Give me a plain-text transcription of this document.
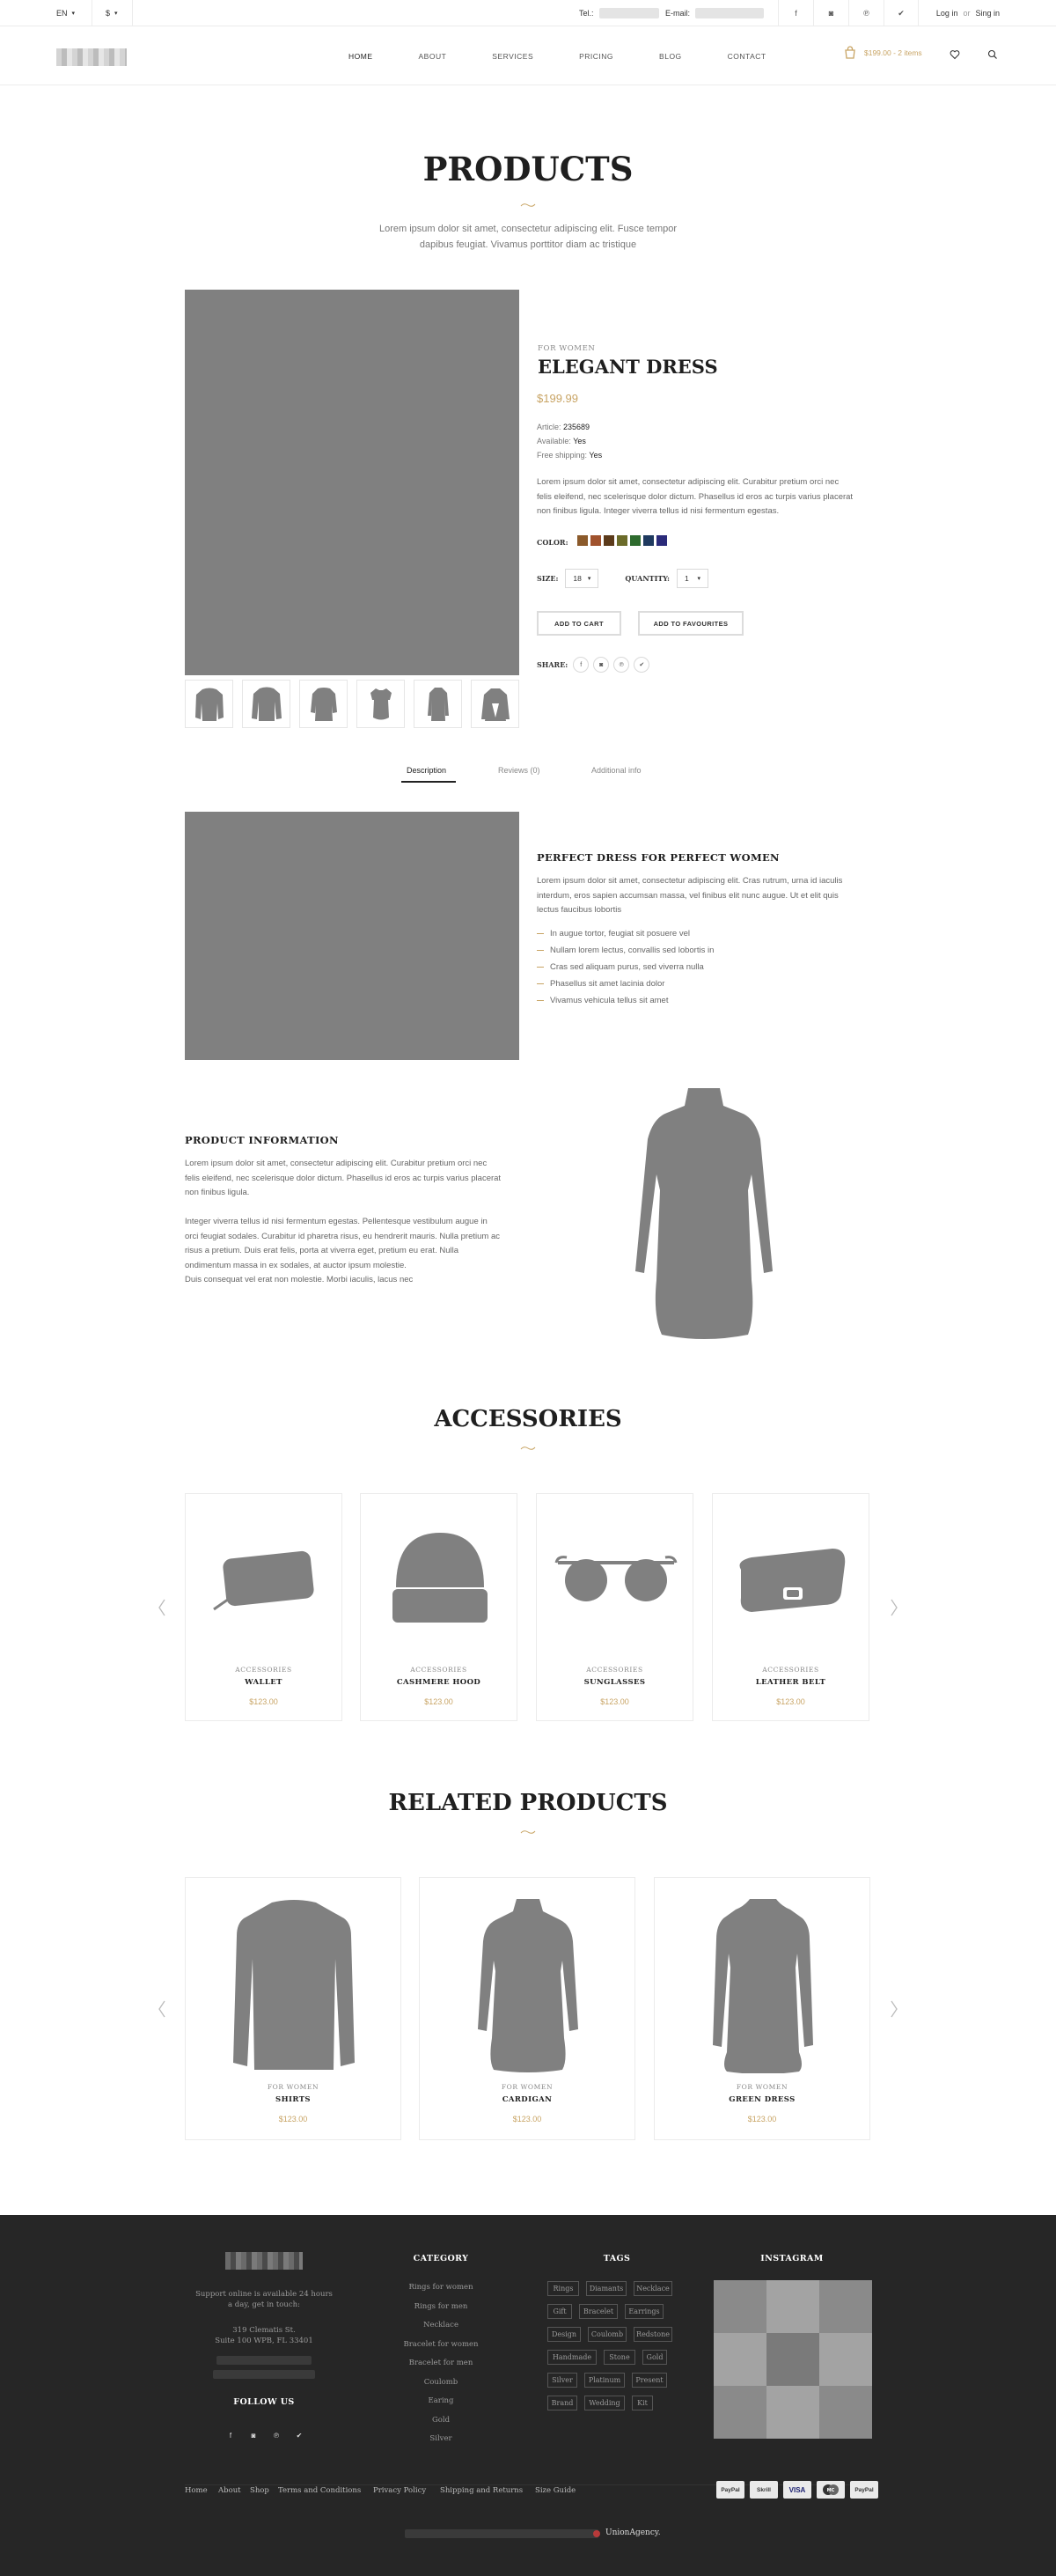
EN ▾	$ ▾	Tel.:	E-mail:	f	◙	℗	✔	Log in or Sing in
HOME	ABOUT	SERVICES	PRICING	BLOG	CONTACT	$199.00 - 2 items
PRODUCTS
Lorem ipsum dolor sit amet, consectetur adipiscing elit. Fusce tempor
dapibus feugiat. Vivamus porttitor diam ac tristique
FOR WOMEN
ELEGANT DRESS
$199.99
Article: 235689
Available: Yes
Free shipping: Yes
Lorem ipsum dolor sit amet, consectetur adipiscing elit. Curabitur pretium orci nec
felis eleifend, nec scelerisque dolor dictum. Phasellus id eros ac turpis varius placerat
non finibus ligula. Integer viverra tellus id nisi fermentum egestas.
COLOR:
SIZE: 18 ▾	QUANTITY: 1 ▾
ADD TO CART	ADD TO FAVOURITES
SHARE:	f	◙	℗	✔
Description	Reviews (0)	Additional info
PERFECT DRESS FOR PERFECT WOMEN
Lorem ipsum dolor sit amet, consectetur adipiscing elit. Cras rutrum, urna id iaculis
interdum, eros sapien accumsan massa, vel finibus elit nunc augue. Ut et elit quis
lectus faucibus lobortis
In augue tortor, feugiat sit posuere vel
Nullam lorem lectus, convallis sed lobortis in
Cras sed aliquam purus, sed viverra nulla
Phasellus sit amet lacinia dolor
Vivamus vehicula tellus sit amet
PRODUCT INFORMATION
Lorem ipsum dolor sit amet, consectetur adipiscing elit. Curabitur pretium orci nec
felis eleifend, nec scelerisque dolor dictum. Phasellus id eros ac turpis varius placerat
non finibus ligula.
Integer viverra tellus id nisi fermentum egestas. Pellentesque vestibulum augue in
orci feugiat sodales. Curabitur id pharetra risus, eu hendrerit mauris. Nulla pretium ac
risus a pretium. Duis erat felis, porta at viverra eget, pretium eu erat. Nulla
ondimentum massa in ex sodales, at auctor ipsum molestie.
Duis consequat vel erat non molestie. Morbi iaculis, lacus nec
ACCESSORIES
ACCESSORIES
WALLET
$123.00
ACCESSORIES
CASHMERE HOOD
$123.00
ACCESSORIES
SUNGLASSES
$123.00
ACCESSORIES
LEATHER BELT
$123.00
RELATED PRODUCTS
FOR WOMEN
SHIRTS
$123.00
FOR WOMEN
CARDIGAN
$123.00
FOR WOMEN
GREEN DRESS
$123.00
Support online is available 24 hours
a day, get in touch:
319 Clematis St.
Suite 100 WPB, FL 33401
FOLLOW US
f	◙	℗ ✔
CATEGORY
Rings for women
Rings for men
Necklace
Bracelet for women
Bracelet for men
Coulomb
Earing
Gold
Silver
TAGS
Rings	Diamants	Necklace
Gift	Bracelet	Earrings
Design	Coulomb	Redstone
Handmade	Stone	Gold
Silver	Platinum	Present
Brand	Wedding	Kit
INSTAGRAM
Home About Shop Terms and Conditions Privacy Policy Shipping and Returns Size Guide	PayPal	Skrill	VISA	MC	PayPal
UnionAgency.
